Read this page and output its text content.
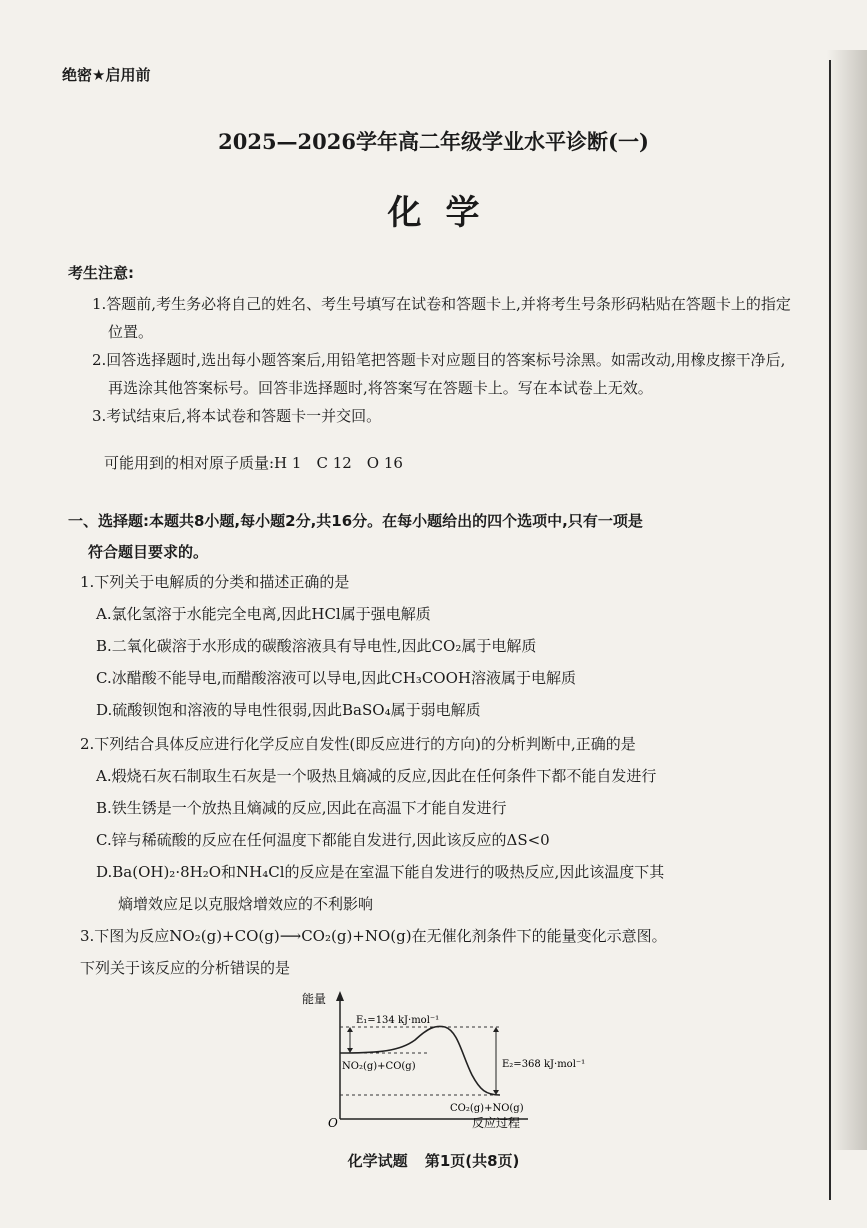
绝密★启用前
2025—2026学年高二年级学业水平诊断(一)
化学
考生注意:

1.答题前,考生务必将自己的姓名、考生号填写在试卷和答题卡上,并将考生号条形码粘贴在答题卡上的指定位置。

2.回答选择题时,选出每小题答案后,用铅笔把答题卡对应题目的答案标号涂黑。如需改动,用橡皮擦干净后,再选涂其他答案标号。回答非选择题时,将答案写在答题卡上。写在本试卷上无效。

3.考试结束后,将本试卷和答题卡一并交回。

可能用到的相对原子质量:H 1　C 12　O 16
一、选择题:本题共8小题,每小题2分,共16分。在每小题给出的四个选项中,只有一项是
符合题目要求的。

1.下列关于电解质的分类和描述正确的是

A.氯化氢溶于水能完全电离,因此HCl属于强电解质

B.二氧化碳溶于水形成的碳酸溶液具有导电性,因此CO₂属于电解质

C.冰醋酸不能导电,而醋酸溶液可以导电,因此CH₃COOH溶液属于电解质

D.硫酸钡饱和溶液的导电性很弱,因此BaSO₄属于弱电解质

2.下列结合具体反应进行化学反应自发性(即反应进行的方向)的分析判断中,正确的是

A.煅烧石灰石制取生石灰是一个吸热且熵减的反应,因此在任何条件下都不能自发进行

B.铁生锈是一个放热且熵减的反应,因此在高温下才能自发进行

C.锌与稀硫酸的反应在任何温度下都能自发进行,因此该反应的ΔS<0

D.Ba(OH)₂·8H₂O和NH₄Cl的反应是在室温下能自发进行的吸热反应,因此该温度下其

熵增效应足以克服焓增效应的不利影响

3.下图为反应NO₂(g)+CO(g)⟶CO₂(g)+NO(g)在无催化剂条件下的能量变化示意图。

下列关于该反应的分析错误的是

能量
O	反应过程
E₁=134 kJ·mol⁻¹
E₂=368 kJ·mol⁻¹
NO₂(g)+CO(g)
CO₂(g)+NO(g)
化学试题 第1页(共8页)
